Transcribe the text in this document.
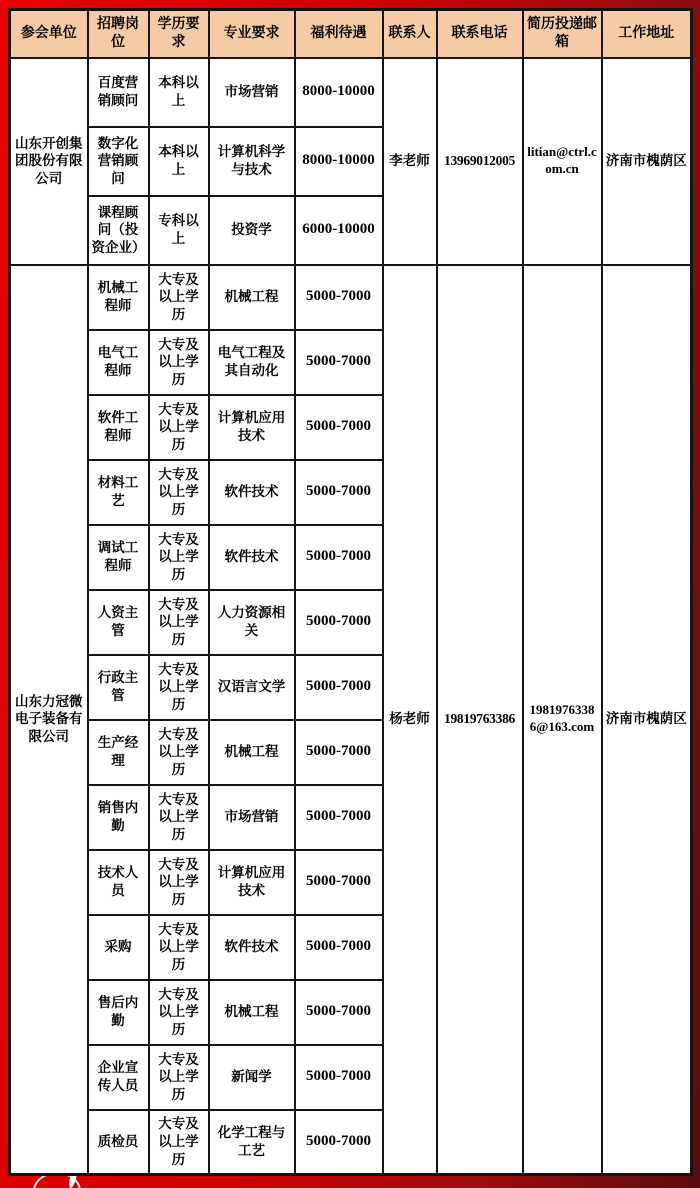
参会单位	招聘岗位	学历要求	专业要求	福利待遇	联系人	联系电话	简历投递邮箱	工作地址
山东开创集团股份有限公司	百度营销顾问	本科以上	市场营销	8000-10000	李老师	13969012005	litian@ctrl.com.cn	济南市槐荫区
	数字化营销顾问	本科以上	计算机科学与技术	8000-10000				
	课程顾问（投资企业）	专科以上	投资学	6000-10000				
山东力冠微电子装备有限公司	机械工程师	大专及以上学历	机械工程	5000-7000	杨老师	19819763386	19819763386@163.com	济南市槐荫区
	电气工程师	大专及以上学历	电气工程及其自动化	5000-7000				
	软件工程师	大专及以上学历	计算机应用技术	5000-7000				
	材料工艺	大专及以上学历	软件技术	5000-7000				
	调试工程师	大专及以上学历	软件技术	5000-7000				
	人资主管	大专及以上学历	人力资源相关	5000-7000				
	行政主管	大专及以上学历	汉语言文学	5000-7000				
	生产经理	大专及以上学历	机械工程	5000-7000				
	销售内勤	大专及以上学历	市场营销	5000-7000				
	技术人员	大专及以上学历	计算机应用技术	5000-7000				
	采购	大专及以上学历	软件技术	5000-7000				
	售后内勤	大专及以上学历	机械工程	5000-7000				
	企业宣传人员	大专及以上学历	新闻学	5000-7000				
	质检员	大专及以上学历	化学工程与工艺	5000-7000				
